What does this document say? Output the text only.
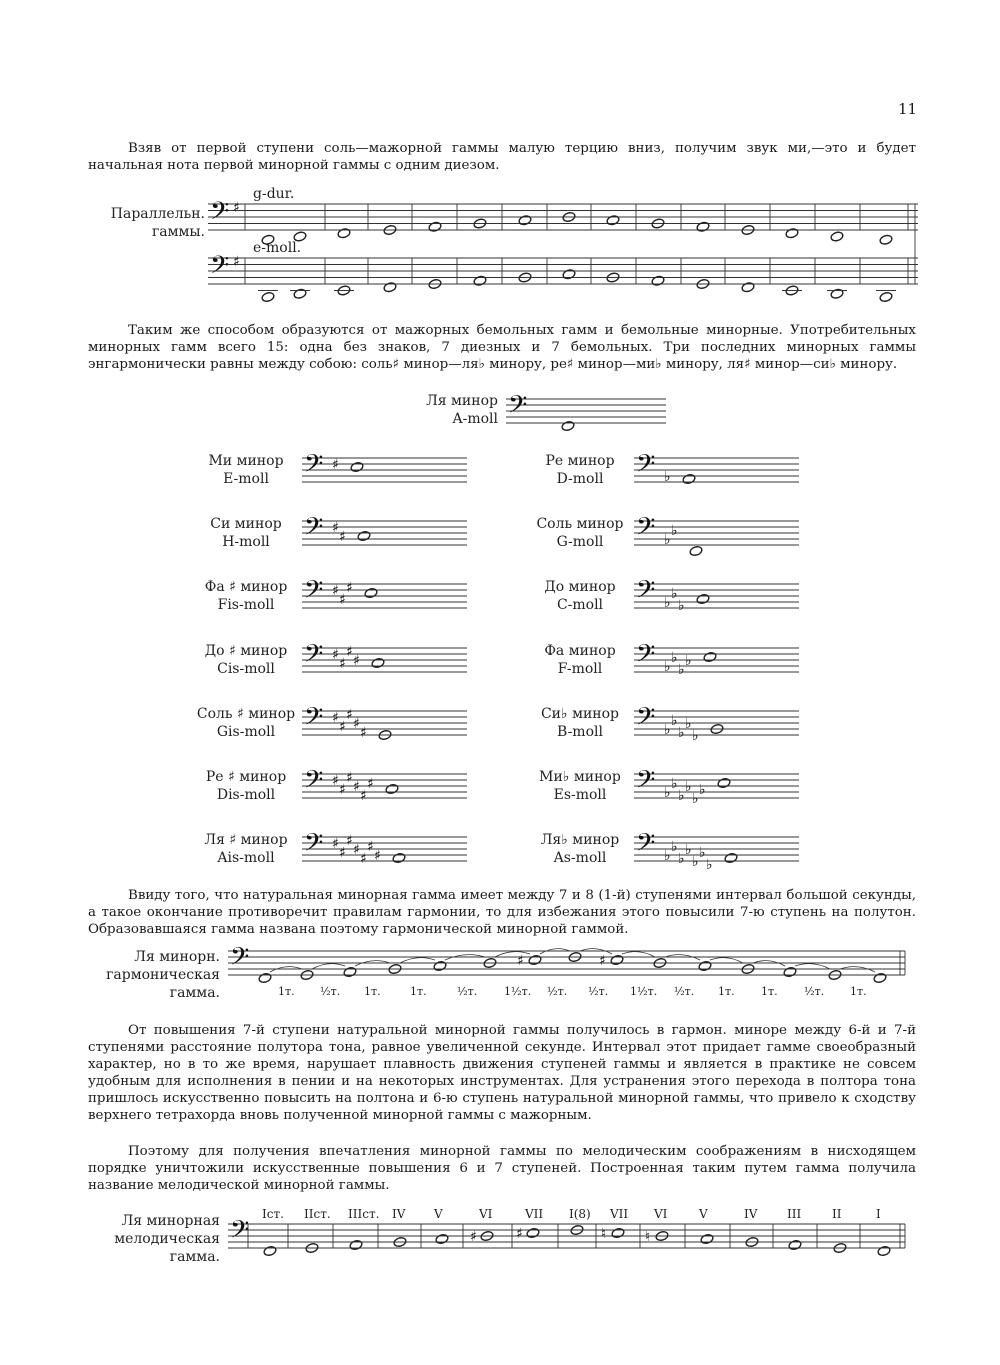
11

Взяв от первой ступени соль—мажорной гаммы малую терцию вниз, получим звук ми,—это и будет начальная нота первой минорной гаммы с одним диезом.

Параллельн.
гаммы. 𝄢 ♯
𝄢 ♯
g-dur.
e-moll.

Таким же способом образуются от мажорных бемольных гамм и бемольные минорные. Употребительных минорных гамм всего 15: одна без знаков, 7 диезных и 7 бемольных. Три последних минорных гаммы энгармонически равны между собою: соль♯ минор—ля♭ минору, ре♯ минор—ми♭ минору, ля♯ минор—си♭ минору.

Ля минор
A-moll 𝄢
Ми минор
E-moll	𝄢 ♯
Си минор
H-moll	𝄢 ♯
♯
Фа ♯ минор
Fis-moll 𝄢 ♯
♯
♯
До ♯ минор
Cis-moll 𝄢 ♯
♯
♯
♯
Соль ♯ минор
Gis-moll 𝄢 ♯
♯
♯
♯
♯
Ре ♯ минор
Dis-moll 𝄢 ♯
♯
♯
♯
♯
♯
Ля ♯ минор
Ais-moll 𝄢 ♯
♯
♯
♯
♯
♯
♯
Ре минор
D-moll	𝄢 ♭
Соль минор
G-moll	𝄢 ♭
♭
До минор
C-moll	𝄢 ♭
♭
♭
Фа минор
F-moll	𝄢 ♭
♭
♭
♭
Си♭ минор
B-moll	𝄢 ♭
♭
♭
♭
♭
Ми♭ минор
Es-moll 𝄢 ♭
♭
♭
♭
♭
♭
Ля♭ минор
As-moll 𝄢 ♭
♭
♭
♭
♭
♭
♭

Ввиду того, что натуральная минорная гамма имеет между 7 и 8 (1-й) ступенями интервал большой секунды, а такое окончание противоречит правилам гармонии, то для избежания этого повысили 7-ю ступень на полутон. Образовавшаяся гамма названа поэтому гармонической минорной гаммой.

Ля минорн.
гармоническая
гамма.
𝄢	♯	♯
1т. ½т. 1т.	1т.	½т. 1½т. ½т. ½т. 1½т. ½т. 1т. 1т. ½т. 1т.

От повышения 7-й ступени натуральной минорной гаммы получилось в гармон. миноре между 6-й и 7-й ступенями расстояние полутора тона, равное увеличенной секунде. Интервал этот придает гамме своеобразный характер, но в то же время, нарушает плавность движения ступеней гаммы и является в практике не совсем удобным для исполнения в пении и на некоторых инструментах. Для устранения этого перехода в полтора тона пришлось искусственно повысить на полтона и 6-ю ступень натуральной минорной гаммы, что привело к сходству верхнего тетрахорда вновь полученной минорной гаммы с мажорным.

Поэтому для получения впечатления минорной гаммы по мелодическим соображениям в нисходящем порядке уничтожили искусственные повышения 6 и 7 ступеней. Построенная таким путем гамма получила название мелодической минорной гаммы.

Ля минорная
мелодическая
гамма.
𝄢	♯	♯	♮	♮
Iст. IIст. IIIст. IV V	VI	VII I(8) VII VI	V	IV III	II	I
